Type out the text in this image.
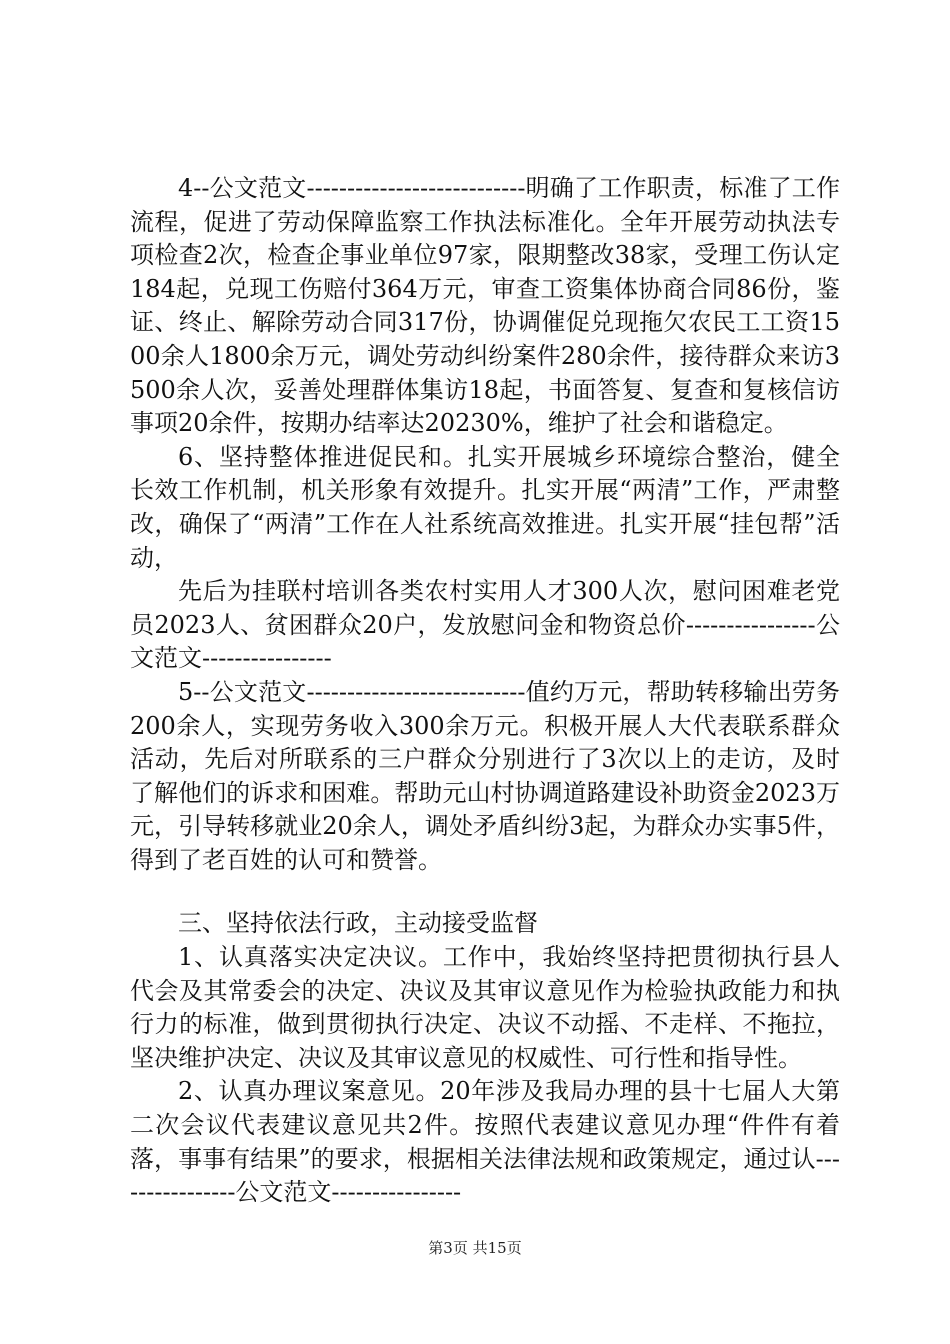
4--公文范文---------------------------明确了工作职责，标准了工作流程，促进了劳动保障监察工作执法标准化。全年开展劳动执法专项检查2次，检查企事业单位97家，限期整改38家，受理工伤认定184起，兑现工伤赔付364万元，审查工资集体协商合同86份，鉴证、终止、解除劳动合同317份，协调催促兑现拖欠农民工工资1500余人1800余万元，调处劳动纠纷案件280余件，接待群众来访3500余人次，妥善处理群体集访18起，书面答复、复查和复核信访事项20余件，按期办结率达20230%，维护了社会和谐稳定。

6、坚持整体推进促民和。扎实开展城乡环境综合整治，健全长效工作机制，机关形象有效提升。扎实开展“两清”工作，严肃整改，确保了“两清”工作在人社系统高效推进。扎实开展“挂包帮”活动，

先后为挂联村培训各类农村实用人才300人次，慰问困难老党员2023人、贫困群众20户，发放慰问金和物资总价----------------公文范文----------------

5--公文范文---------------------------值约万元，帮助转移输出劳务200余人，实现劳务收入300余万元。积极开展人大代表联系群众活动，先后对所联系的三户群众分别进行了3次以上的走访，及时了解他们的诉求和困难。帮助元山村协调道路建设补助资金2023万元，引导转移就业20余人，调处矛盾纠纷3起，为群众办实事5件，得到了老百姓的认可和赞誉。

三、坚持依法行政，主动接受监督

1、认真落实决定决议。工作中，我始终坚持把贯彻执行县人代会及其常委会的决定、决议及其审议意见作为检验执政能力和执行力的标准，做到贯彻执行决定、决议不动摇、不走样、不拖拉，坚决维护决定、决议及其审议意见的权威性、可行性和指导性。

2、认真办理议案意见。20年涉及我局办理的县十七届人大第二次会议代表建议意见共2件。按照代表建议意见办理“件件有着落，事事有结果”的要求，根据相关法律法规和政策规定，通过认----------------公文范文----------------

第3页 共15页
